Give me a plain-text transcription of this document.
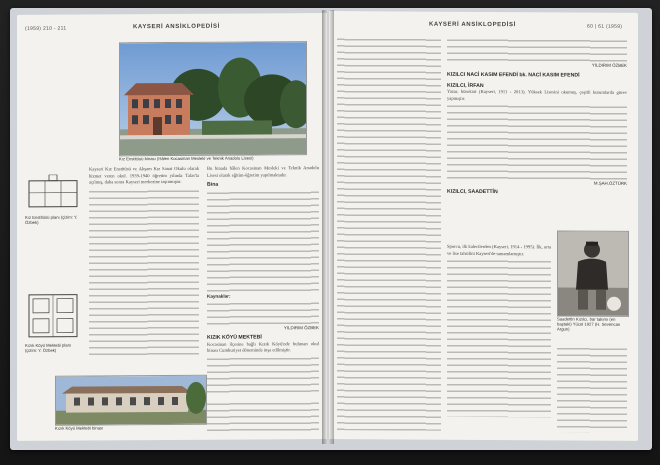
(1959) 210 - 211	KAYSERİ ANSİKLOPEDİSİ
Kız Enstitüsü binası (Hâlen Kocasinan Mesleki ve Teknik Anadolu Lisesi)
Kız Enstitüsü planı (çizim: Y. Özbek)
Kızık Köyü Mektebi planı (çizim: Y. Özbek)
Kayseri Kız Enstitüsü ve Akşam Kız Sanat Okulu olarak hizmet veren okul. 1939-1940 öğretim yılında Talas'ta açılmış, daha sonra Kayseri merkezine taşınmıştır.
Bu binada hâlen Kocasinan Mesleki ve Teknik Anadolu Lisesi olarak eğitim-öğretim yapılmaktadır.
Bina
Kaynaklar:
YILDIRIM ÖZBEK
KIZIK KÖYÜ MEKTEBİ
Kocasinan ilçesine bağlı Kızık Köyü'nde bulunan okul binası Cumhuriyet döneminde inşa edilmiştir.
Kızık Köyü Mektebi binası
KAYSERİ ANSİKLOPEDİSİ	60 | 61 (1959)
YILDIRIM ÖZBEK
KIZILCI NACİ KASIM EFENDİ bk. NACİ KASIM EFENDİ
KIZILCI, İRFAN
Yazar, bürokrat (Kayseri, 1911 - 2013). Yüksek Lisesini okumuş, çeşitli kurumlarda görev yapmıştır.
M.ŞAH.ÖZTÜRK
KIZILCI, SAADETTİN
Sporcu, ilk kalecilerden (Kayseri, 1914 - 1995). İlk, orta ve lise tahsilini Kayseri'de tamamlamıştır.
Saadettin Kızılcı, bar takımı (en baştaki) Yücel 1927 (H. Sevencan Argun)
